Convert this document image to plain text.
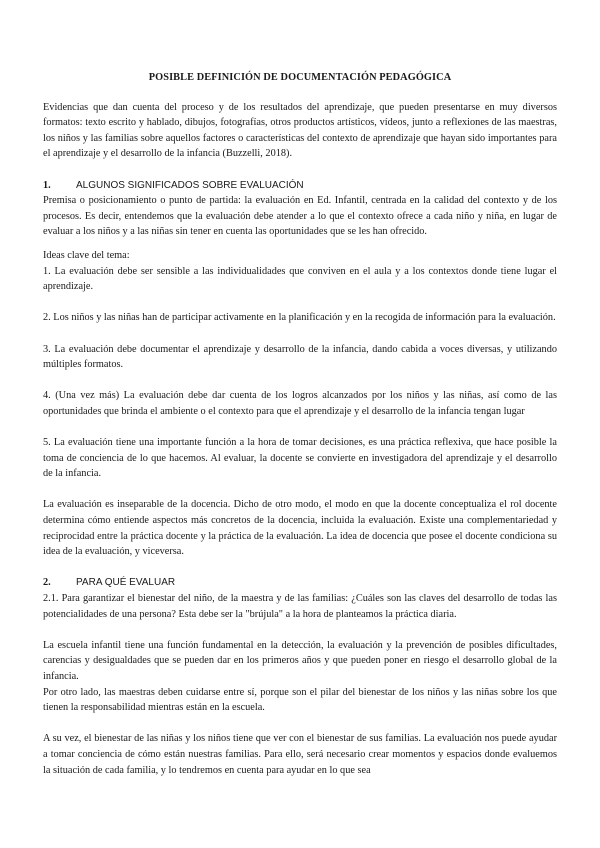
POSIBLE DEFINICIÓN DE DOCUMENTACIÓN PEDAGÓGICA

Evidencias que dan cuenta del proceso y de los resultados del aprendizaje, que pueden presentarse en muy diversos formatos: texto escrito y hablado, dibujos, fotografías, otros productos artísticos, vídeos, junto a reflexiones de las maestras, los niños y las familias sobre aquellos factores o características del contexto de aprendizaje que hayan sido importantes para el aprendizaje y el desarrollo de la infancia (Buzzelli, 2018).

1.	ALGUNOS SIGNIFICADOS SOBRE EVALUACIÓN

Premisa o posicionamiento o punto de partida: la evaluación en Ed. Infantil, centrada en la calidad del contexto y de los procesos. Es decir, entendemos que la evaluación debe atender a lo que el contexto ofrece a cada niño y niña, en lugar de evaluar a los niños y a las niñas sin tener en cuenta las oportunidades que se les han ofrecido.

Ideas clave del tema:

1. La evaluación debe ser sensible a las individualidades que conviven en el aula y a los contextos donde tiene lugar el aprendizaje.

2. Los niños y las niñas han de participar activamente en la planificación y en la recogida de información para la evaluación.

3. La evaluación debe documentar el aprendizaje y desarrollo de la infancia, dando cabida a voces diversas, y utilizando múltiples formatos.

4. (Una vez más) La evaluación debe dar cuenta de los logros alcanzados por los niños y las niñas, así como de las oportunidades que brinda el ambiente o el contexto para que el aprendizaje y el desarrollo de la infancia tengan lugar

5. La evaluación tiene una importante función a la hora de tomar decisiones, es una práctica reflexiva, que hace posible la toma de conciencia de lo que hacemos. Al evaluar, la docente se convierte en investigadora del aprendizaje y el desarrollo de la infancia.

La evaluación es inseparable de la docencia. Dicho de otro modo, el modo en que la docente conceptualiza el rol docente determina cómo entiende aspectos más concretos de la docencia, incluida la evaluación. Existe una complementariedad y reciprocidad entre la práctica docente y la práctica de la evaluación. La idea de docencia que posee el docente condiciona su idea de la evaluación, y viceversa.

2.	PARA QUÉ EVALUAR

2.1. Para garantizar el bienestar del niño, de la maestra y de las familias: ¿Cuáles son las claves del desarrollo de todas las potencialidades de una persona? Esta debe ser la "brújula" a la hora de planteamos la práctica diaria.

La escuela infantil tiene una función fundamental en la detección, la evaluación y la prevención de posibles dificultades, carencias y desigualdades que se pueden dar en los primeros años y que pueden poner en riesgo el desarrollo global de la infancia.

Por otro lado, las maestras deben cuidarse entre sí, porque son el pilar del bienestar de los niños y las niñas sobre los que tienen la responsabilidad mientras están en la escuela.

A su vez, el bienestar de las niñas y los niños tiene que ver con el bienestar de sus familias. La evaluación nos puede ayudar a tomar conciencia de cómo están nuestras familias. Para ello, será necesario crear momentos y espacios donde evaluemos la situación de cada familia, y lo tendremos en cuenta para ayudar en lo que sea
